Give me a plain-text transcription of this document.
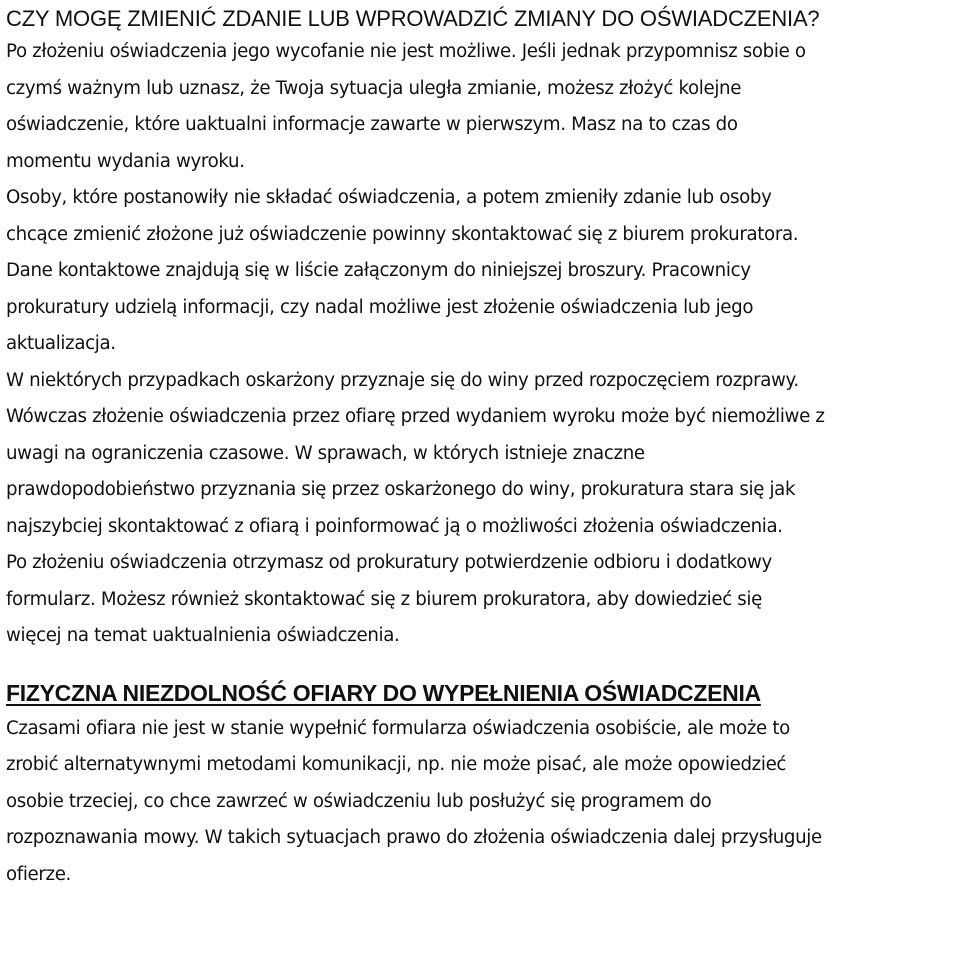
CZY MOGĘ ZMIENIĆ ZDANIE LUB WPROWADZIĆ ZMIANY DO OŚWIADCZENIA?

Po złożeniu oświadczenia jego wycofanie nie jest możliwe. Jeśli jednak przypomnisz sobie o
czymś ważnym lub uznasz, że Twoja sytuacja uległa zmianie, możesz złożyć kolejne
oświadczenie, które uaktualni informacje zawarte w pierwszym. Masz na to czas do
momentu wydania wyroku.

Osoby, które postanowiły nie składać oświadczenia, a potem zmieniły zdanie lub osoby
chcące zmienić złożone już oświadczenie powinny skontaktować się z biurem prokuratora.
Dane kontaktowe znajdują się w liście załączonym do niniejszej broszury. Pracownicy
prokuratury udzielą informacji, czy nadal możliwe jest złożenie oświadczenia lub jego
aktualizacja.

W niektórych przypadkach oskarżony przyznaje się do winy przed rozpoczęciem rozprawy.
Wówczas złożenie oświadczenia przez ofiarę przed wydaniem wyroku może być niemożliwe z
uwagi na ograniczenia czasowe. W sprawach, w których istnieje znaczne
prawdopodobieństwo przyznania się przez oskarżonego do winy, prokuratura stara się jak
najszybciej skontaktować z ofiarą i poinformować ją o możliwości złożenia oświadczenia.

Po złożeniu oświadczenia otrzymasz od prokuratury potwierdzenie odbioru i dodatkowy
formularz. Możesz również skontaktować się z biurem prokuratora, aby dowiedzieć się
więcej na temat uaktualnienia oświadczenia.

FIZYCZNA NIEZDOLNOŚĆ OFIARY DO WYPEŁNIENIA OŚWIADCZENIA

Czasami ofiara nie jest w stanie wypełnić formularza oświadczenia osobiście, ale może to
zrobić alternatywnymi metodami komunikacji, np. nie może pisać, ale może opowiedzieć
osobie trzeciej, co chce zawrzeć w oświadczeniu lub posłużyć się programem do
rozpoznawania mowy. W takich sytuacjach prawo do złożenia oświadczenia dalej przysługuje
ofierze.
